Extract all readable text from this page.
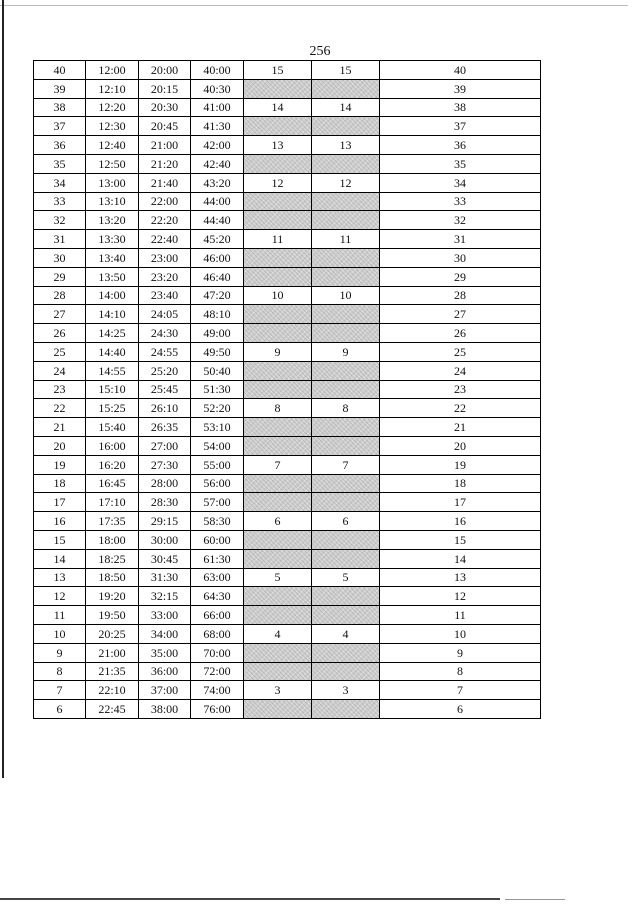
256
40	12:00	20:00	40:00	15	15	40
39	12:10	20:15	40:30			39
38	12:20	20:30	41:00	14	14	38
37	12:30	20:45	41:30			37
36	12:40	21:00	42:00	13	13	36
35	12:50	21:20	42:40			35
34	13:00	21:40	43:20	12	12	34
33	13:10	22:00	44:00			33
32	13:20	22:20	44:40			32
31	13:30	22:40	45:20	11	11	31
30	13:40	23:00	46:00			30
29	13:50	23:20	46:40			29
28	14:00	23:40	47:20	10	10	28
27	14:10	24:05	48:10			27
26	14:25	24:30	49:00			26
25	14:40	24:55	49:50	9	9	25
24	14:55	25:20	50:40			24
23	15:10	25:45	51:30			23
22	15:25	26:10	52:20	8	8	22
21	15:40	26:35	53:10			21
20	16:00	27:00	54:00			20
19	16:20	27:30	55:00	7	7	19
18	16:45	28:00	56:00			18
17	17:10	28:30	57:00			17
16	17:35	29:15	58:30	6	6	16
15	18:00	30:00	60:00			15
14	18:25	30:45	61:30			14
13	18:50	31:30	63:00	5	5	13
12	19:20	32:15	64:30			12
11	19:50	33:00	66:00			11
10	20:25	34:00	68:00	4	4	10
9	21:00	35:00	70:00			9
8	21:35	36:00	72:00			8
7	22:10	37:00	74:00	3	3	7
6	22:45	38:00	76:00			6
